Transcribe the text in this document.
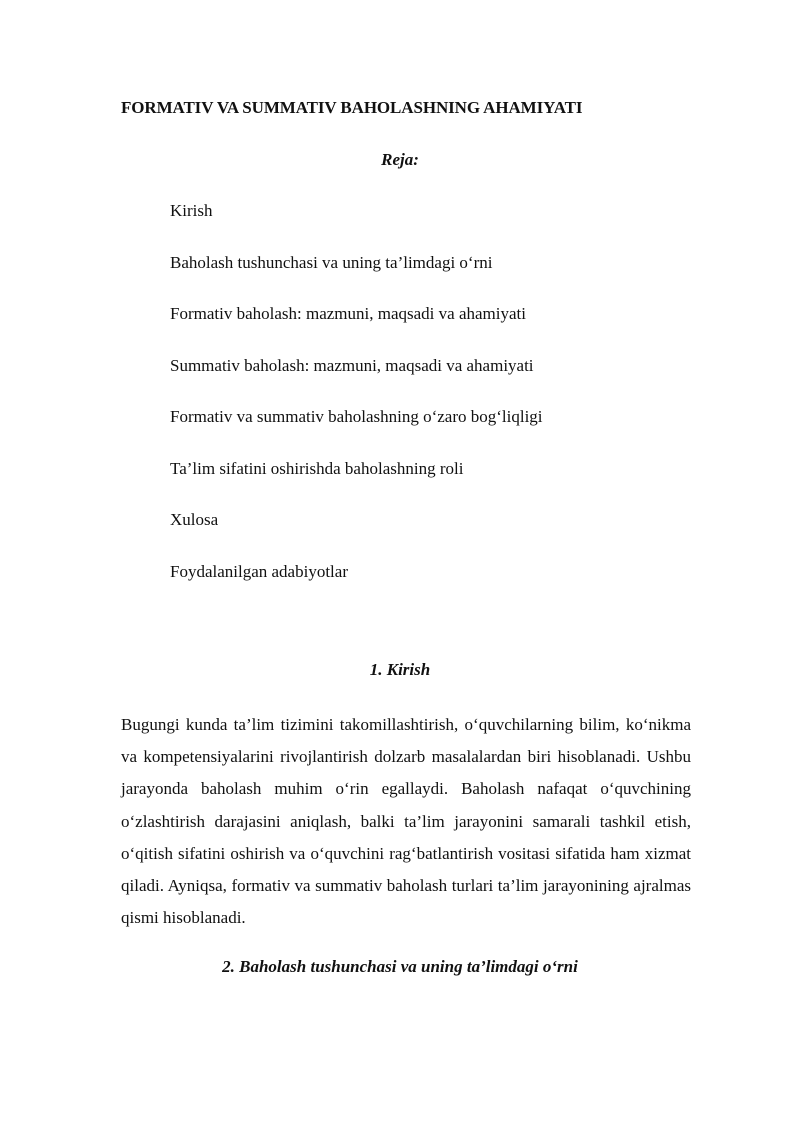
FORMATIV VA SUMMATIV BAHOLASHNING AHAMIYATI
Reja:
Kirish
Baholash tushunchasi va uning ta’limdagi o‘rni
Formativ baholash: mazmuni, maqsadi va ahamiyati
Summativ baholash: mazmuni, maqsadi va ahamiyati
Formativ va summativ baholashning o‘zaro bog‘liqligi
Ta’lim sifatini oshirishda baholashning roli
Xulosa
Foydalanilgan adabiyotlar
1. Kirish

Bugungi kunda ta’lim tizimini takomillashtirish, o‘quvchilarning bilim, ko‘nikma va kompetensiyalarini rivojlantirish dolzarb masalalardan biri hisoblanadi. Ushbu jarayonda baholash muhim o‘rin egallaydi. Baholash nafaqat o‘quvchining o‘zlashtirish darajasini aniqlash, balki ta’lim jarayonini samarali tashkil etish, o‘qitish sifatini oshirish va o‘quvchini rag‘batlantirish vositasi sifatida ham xizmat qiladi. Ayniqsa, formativ va summativ baholash turlari ta’lim jarayonining ajralmas qismi hisoblanadi.

2. Baholash tushunchasi va uning ta’limdagi o‘rni
